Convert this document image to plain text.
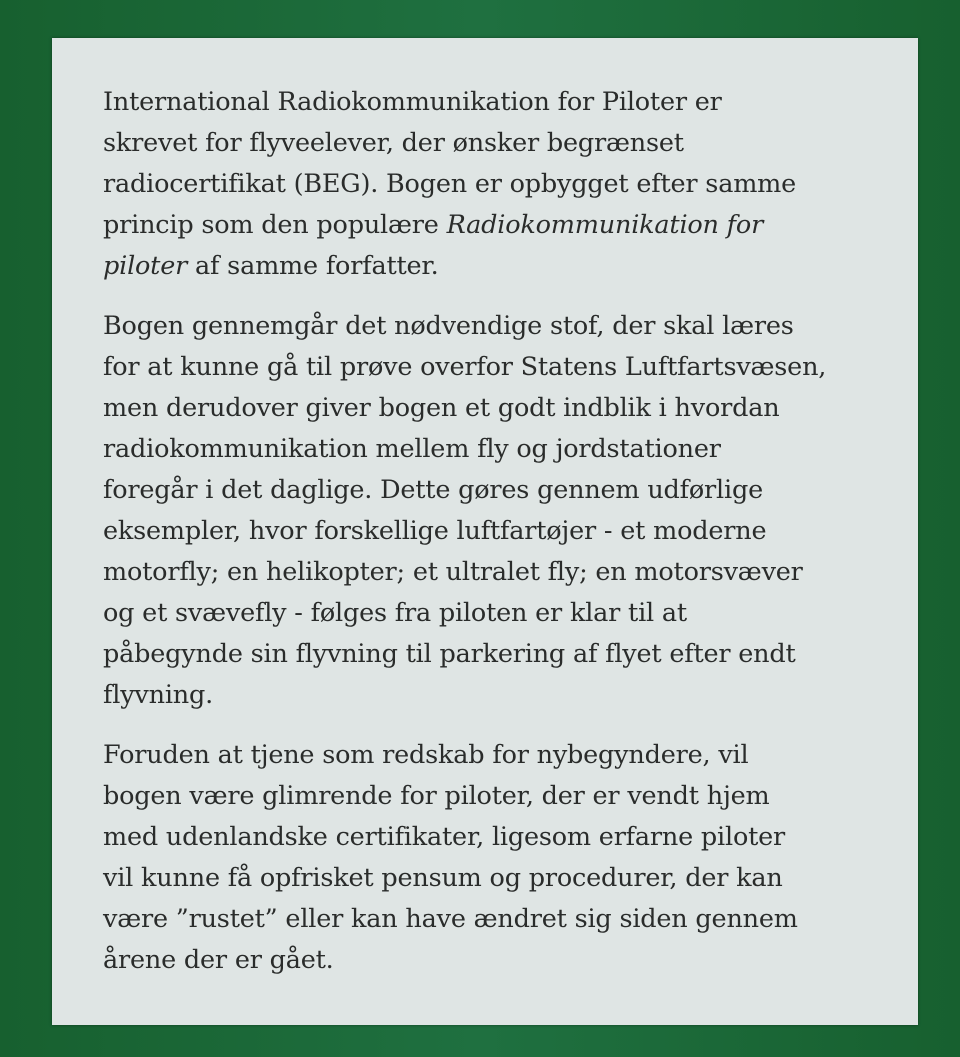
International Radiokommunikation for Piloter er
skrevet for flyveelever, der ønsker begrænset
radiocertifikat (BEG). Bogen er opbygget efter samme
princip som den populære Radiokommunikation for
piloter af samme forfatter.
Bogen gennemgår det nødvendige stof, der skal læres
for at kunne gå til prøve overfor Statens Luftfartsvæsen,
men derudover giver bogen et godt indblik i hvordan
radiokommunikation mellem fly og jordstationer
foregår i det daglige. Dette gøres gennem udførlige
eksempler, hvor forskellige luftfartøjer - et moderne
motorfly; en helikopter; et ultralet fly; en motorsvæver
og et svævefly - følges fra piloten er klar til at
påbegynde sin flyvning til parkering af flyet efter endt
flyvning.
Foruden at tjene som redskab for nybegyndere, vil
bogen være glimrende for piloter, der er vendt hjem
med udenlandske certifikater, ligesom erfarne piloter
vil kunne få opfrisket pensum og procedurer, der kan
være ”rustet” eller kan have ændret sig siden gennem
årene der er gået.
